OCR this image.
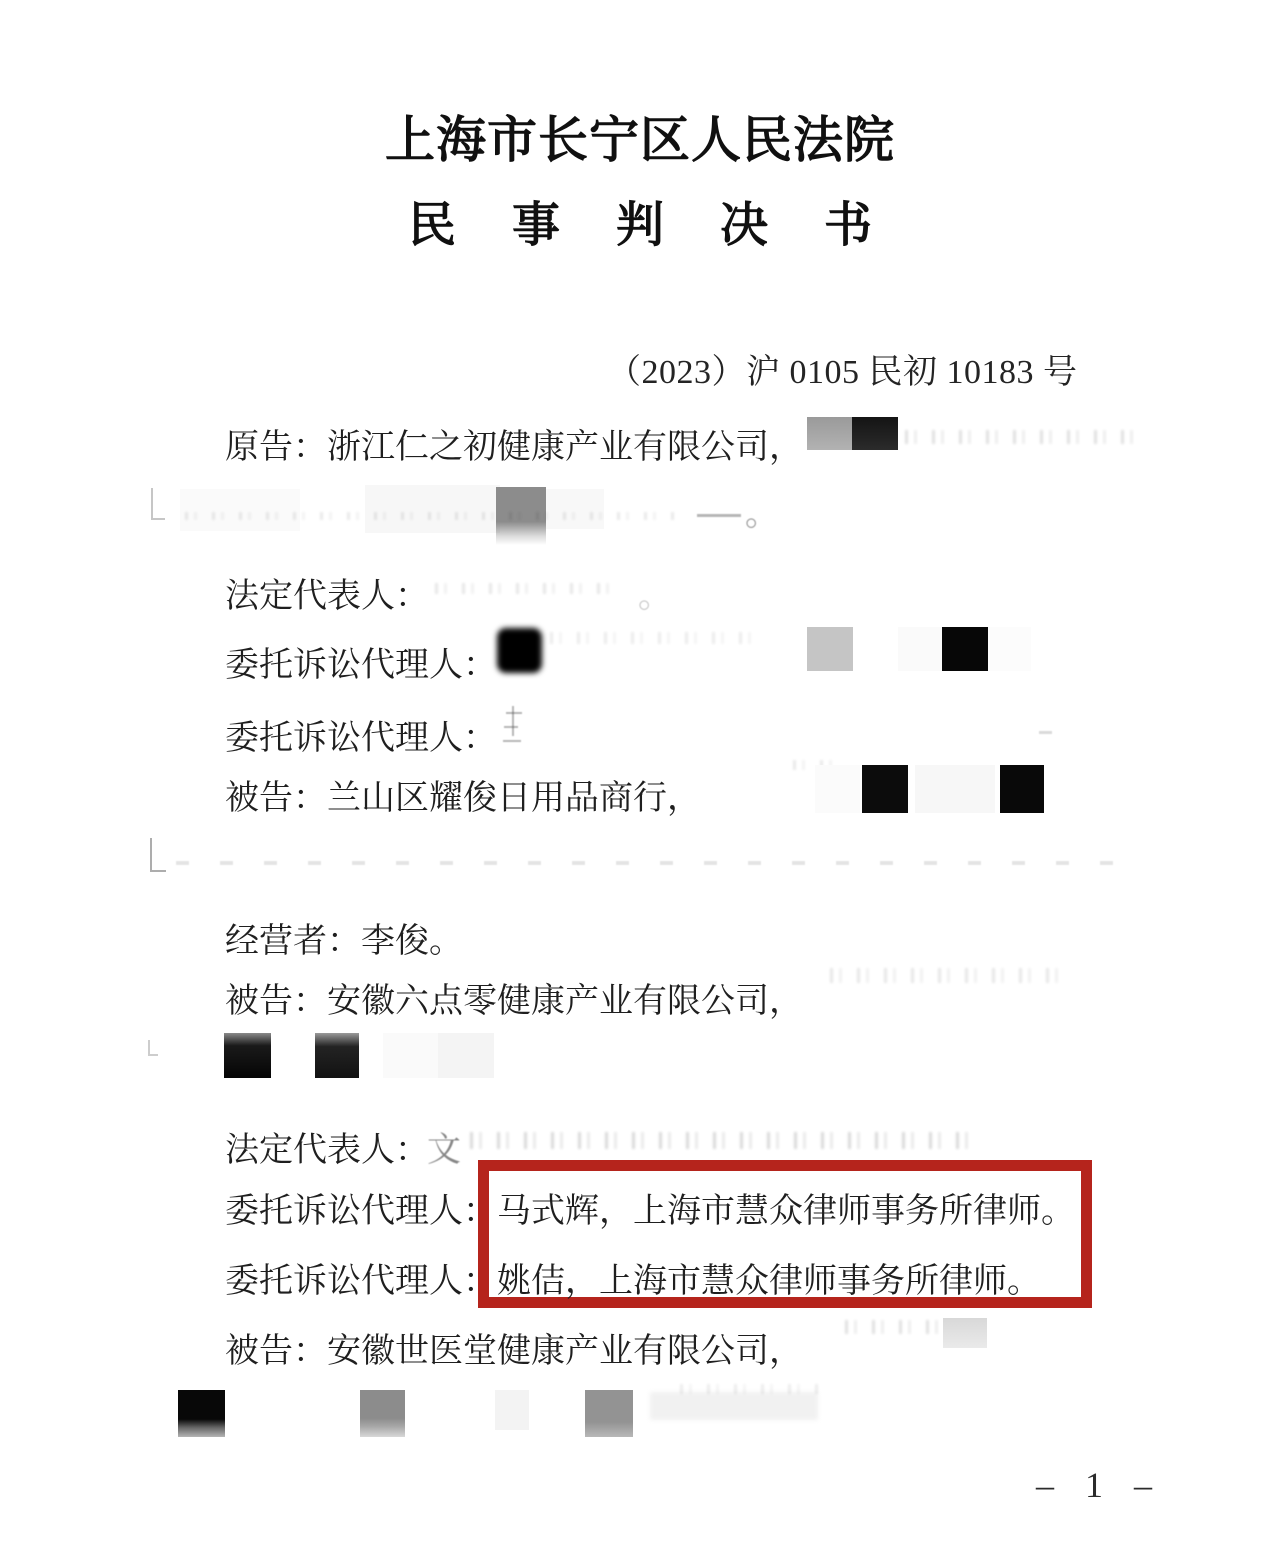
上海市长宁区人民法院
民 事 判 决 书
（2023）沪 0105 民初 10183 号
原告：浙江仁之初健康产业有限公司，
。
法定代表人：	。
委托诉讼代理人：
委托诉讼代理人：
被告：兰山区耀俊日用品商行，
经营者：李俊。
被告：安徽六点零健康产业有限公司，
法定代表人：
文
委托诉讼代理人：马式辉，上海市慧众律师事务所律师。
委托诉讼代理人：姚佶，上海市慧众律师事务所律师。
被告：安徽世医堂健康产业有限公司，
– 1 –
